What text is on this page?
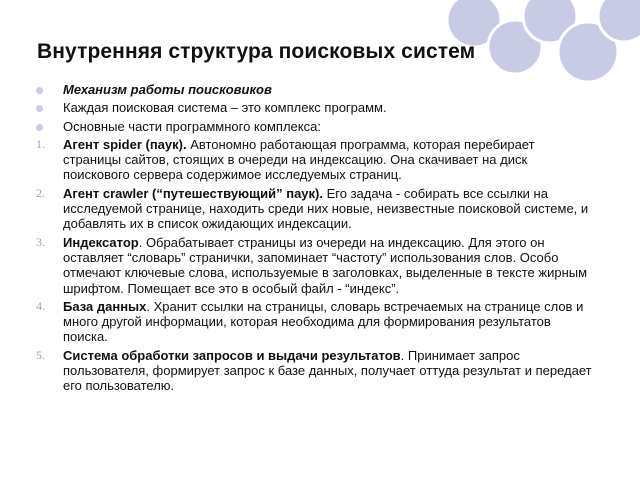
Внутренняя структура поисковых систем
Механизм работы поисковиков
Каждая поисковая система – это комплекс программ.
Основные части программного комплекса:
1. Агент spider (паук). Автономно работающая программа, которая перебирает страницы сайтов, стоящих в очереди на индексацию. Она скачивает на диск поискового сервера содержимое исследуемых страниц.
2. Агент crawler (“путешествующий” паук). Его задача - собирать все ссылки на исследуемой странице, находить среди них новые, неизвестные поисковой системе, и добавлять их в список ожидающих индексации.
3. Индексатор. Обрабатывает страницы из очереди на индексацию. Для этого он оставляет “словарь” странички, запоминает “частоту” использования слов. Особо отмечают ключевые слова, используемые в заголовках, выделенные в тексте жирным шрифтом. Помещает все это в особый файл - “индекс”.
4. База данных. Хранит ссылки на страницы, словарь встречаемых на странице слов и много другой информации, которая необходима для формирования результатов поиска.
5. Система обработки запросов и выдачи результатов. Принимает запрос пользователя, формирует запрос к базе данных, получает оттуда результат и передает его пользователю.
